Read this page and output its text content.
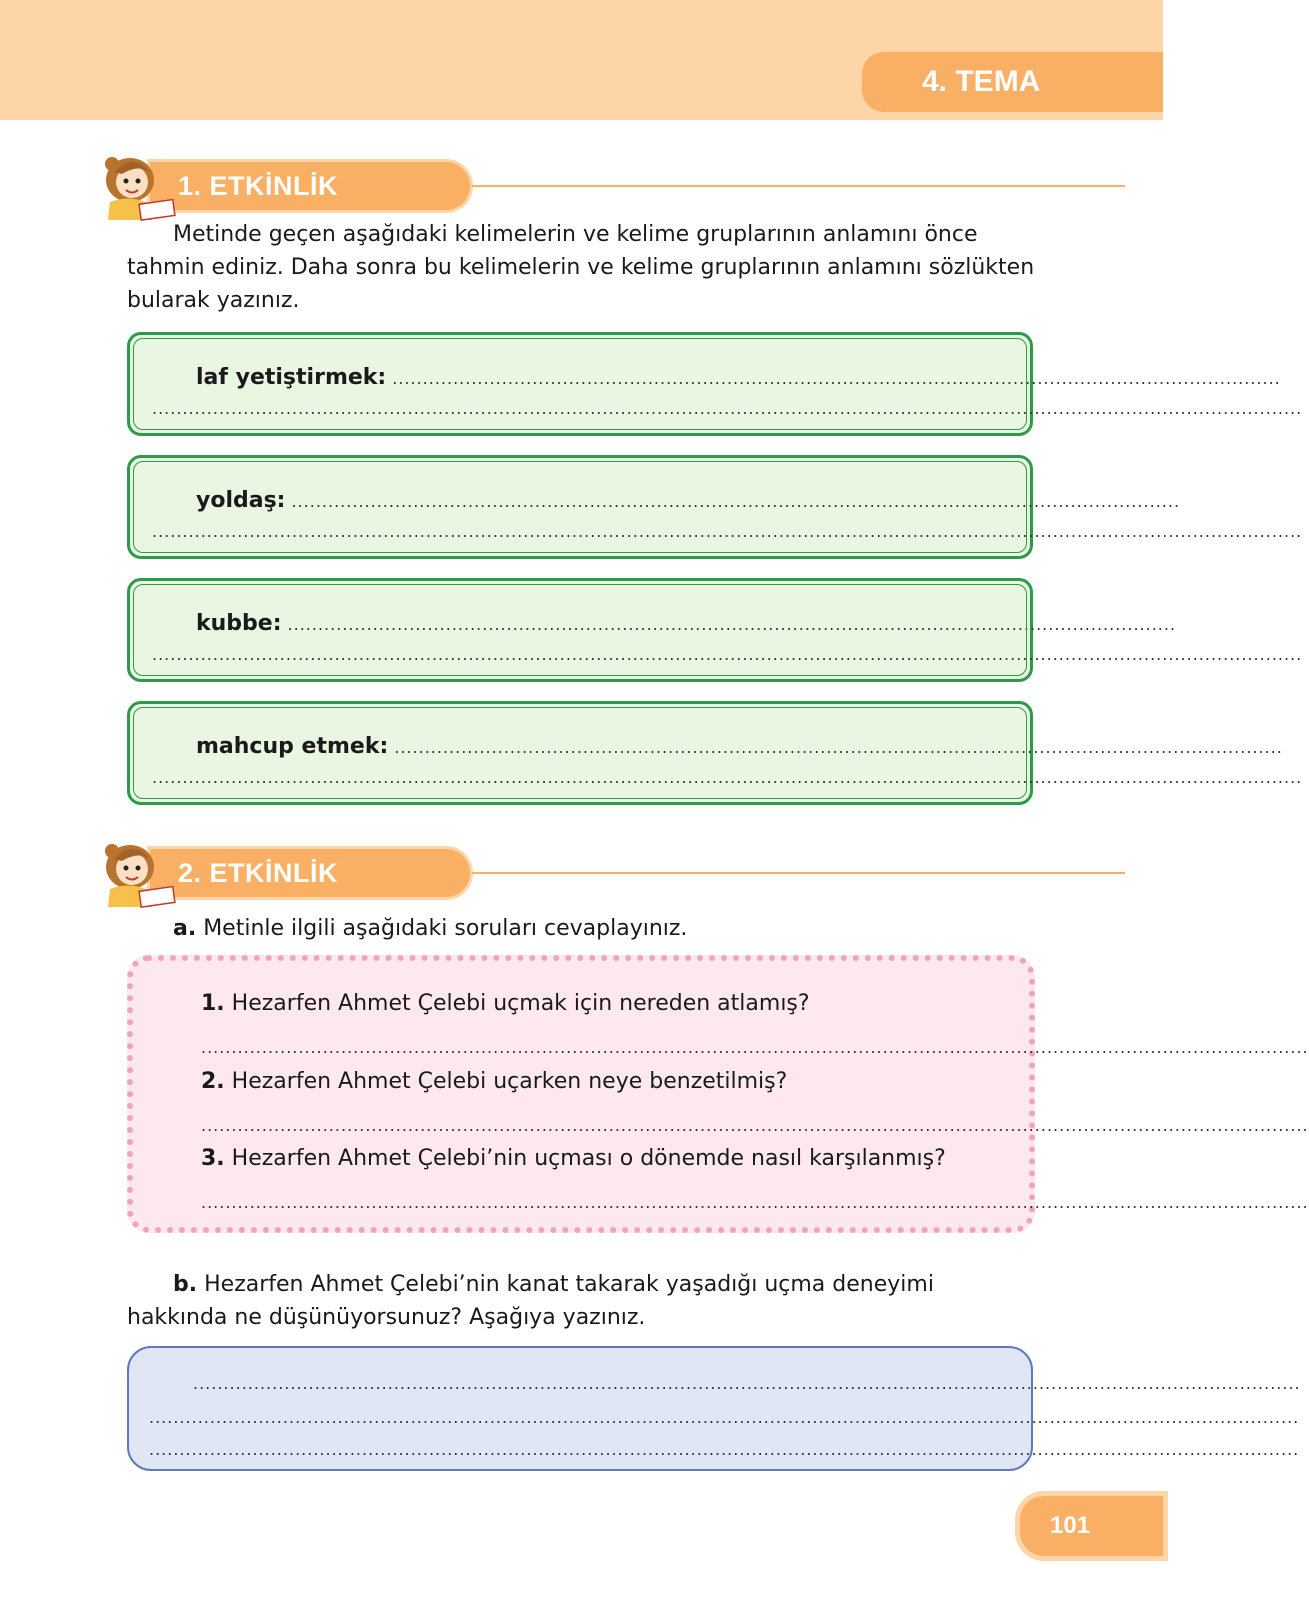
4. TEMA
1. ETKİNLİK
Metinde geçen aşağıdaki kelimelerin ve kelime gruplarının anlamını önce tahmin ediniz. Daha sonra bu kelimelerin ve kelime gruplarının anlamını sözlükten bularak yazınız.
laf yetiştirmek: ..................................................................................................................................................
.............................................................................................................................................................................................
yoldaş: ..................................................................................................................................................
.............................................................................................................................................................................................
kubbe: ..................................................................................................................................................
.............................................................................................................................................................................................
mahcup etmek: ..................................................................................................................................................
.............................................................................................................................................................................................
2. ETKİNLİK
a. Metinle ilgili aşağıdaki soruları cevaplayınız.
1. Hezarfen Ahmet Çelebi uçmak için nereden atlamış?
......................................................................................................................................................................................
2. Hezarfen Ahmet Çelebi uçarken neye benzetilmiş?
......................................................................................................................................................................................
3. Hezarfen Ahmet Çelebi’nin uçması o dönemde nasıl karşılanmış?
......................................................................................................................................................................................
b. Hezarfen Ahmet Çelebi’nin kanat takarak yaşadığı uçma deneyimi hakkında ne düşünüyorsunuz? Aşağıya yazınız.
......................................................................................................................................................................................
.............................................................................................................................................................................................
.............................................................................................................................................................................................
101
